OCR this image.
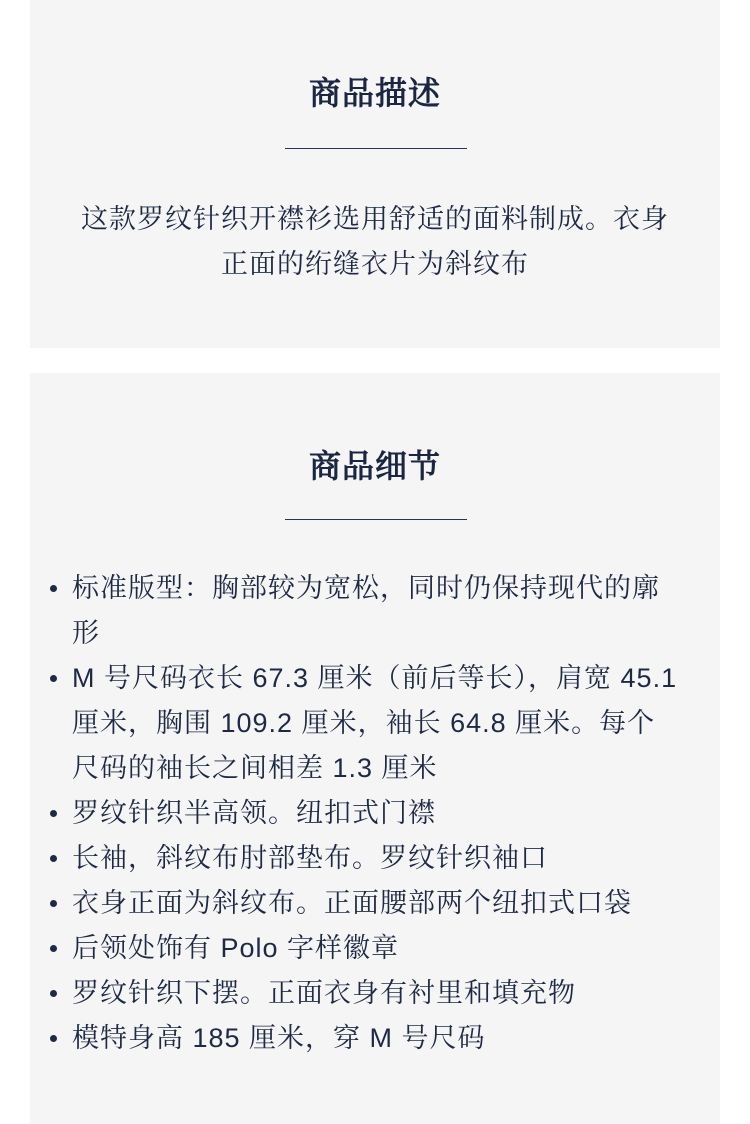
商品描述

这款罗纹针织开襟衫选用舒适的面料制成。衣身正面的绗缝衣片为斜纹布

商品细节
标准版型：胸部较为宽松，同时仍保持现代的廓形
M 号尺码衣长 67.3 厘米（前后等长），肩宽 45.1 厘米，胸围 109.2 厘米，袖长 64.8 厘米。每个尺码的袖长之间相差 1.3 厘米
罗纹针织半高领。纽扣式门襟
长袖，斜纹布肘部垫布。罗纹针织袖口
衣身正面为斜纹布。正面腰部两个纽扣式口袋
后领处饰有 Polo 字样徽章
罗纹针织下摆。正面衣身有衬里和填充物
模特身高 185 厘米，穿 M 号尺码
